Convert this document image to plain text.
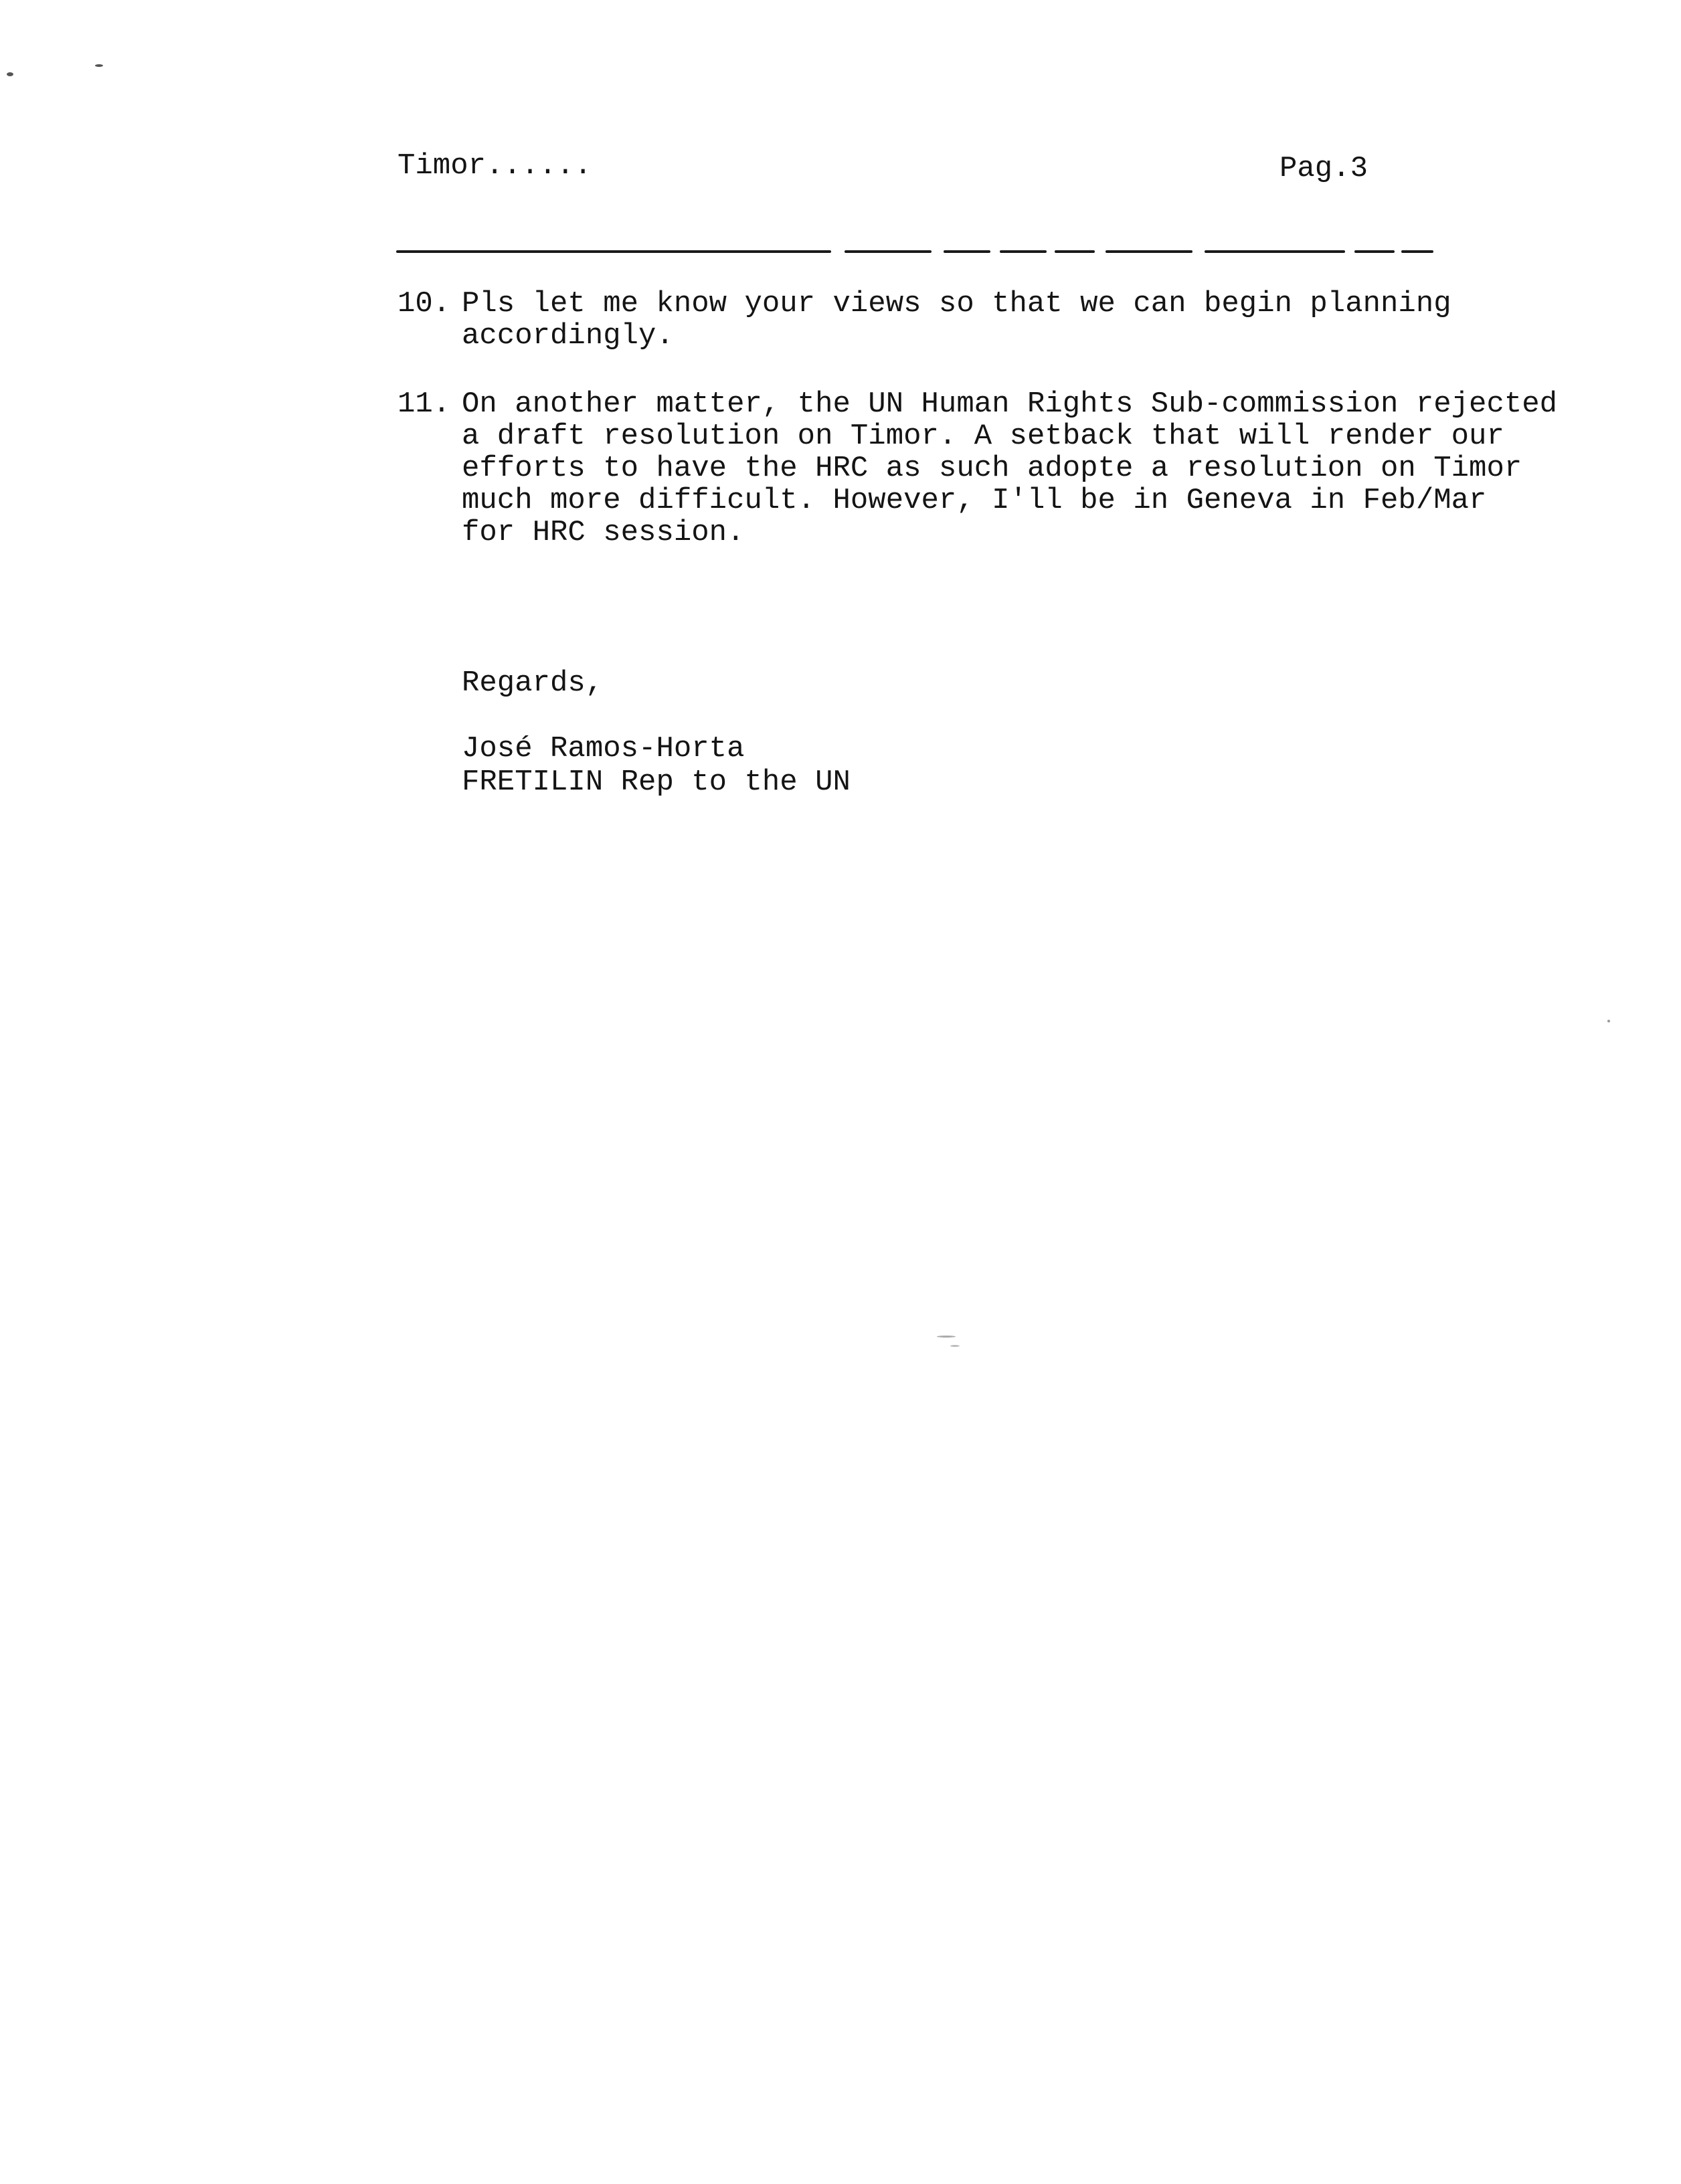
Timor......	Pag.3
10. Pls let me know your views so that we can begin planning
accordingly.
11. On another matter, the UN Human Rights Sub-commission rejected
a draft resolution on Timor. A setback that will render our
efforts to have the HRC as such adopte a resolution on Timor
much more difficult. However, I'll be in Geneva in Feb/Mar
for HRC session.
Regards,
José Ramos-Horta
FRETILIN Rep to the UN
